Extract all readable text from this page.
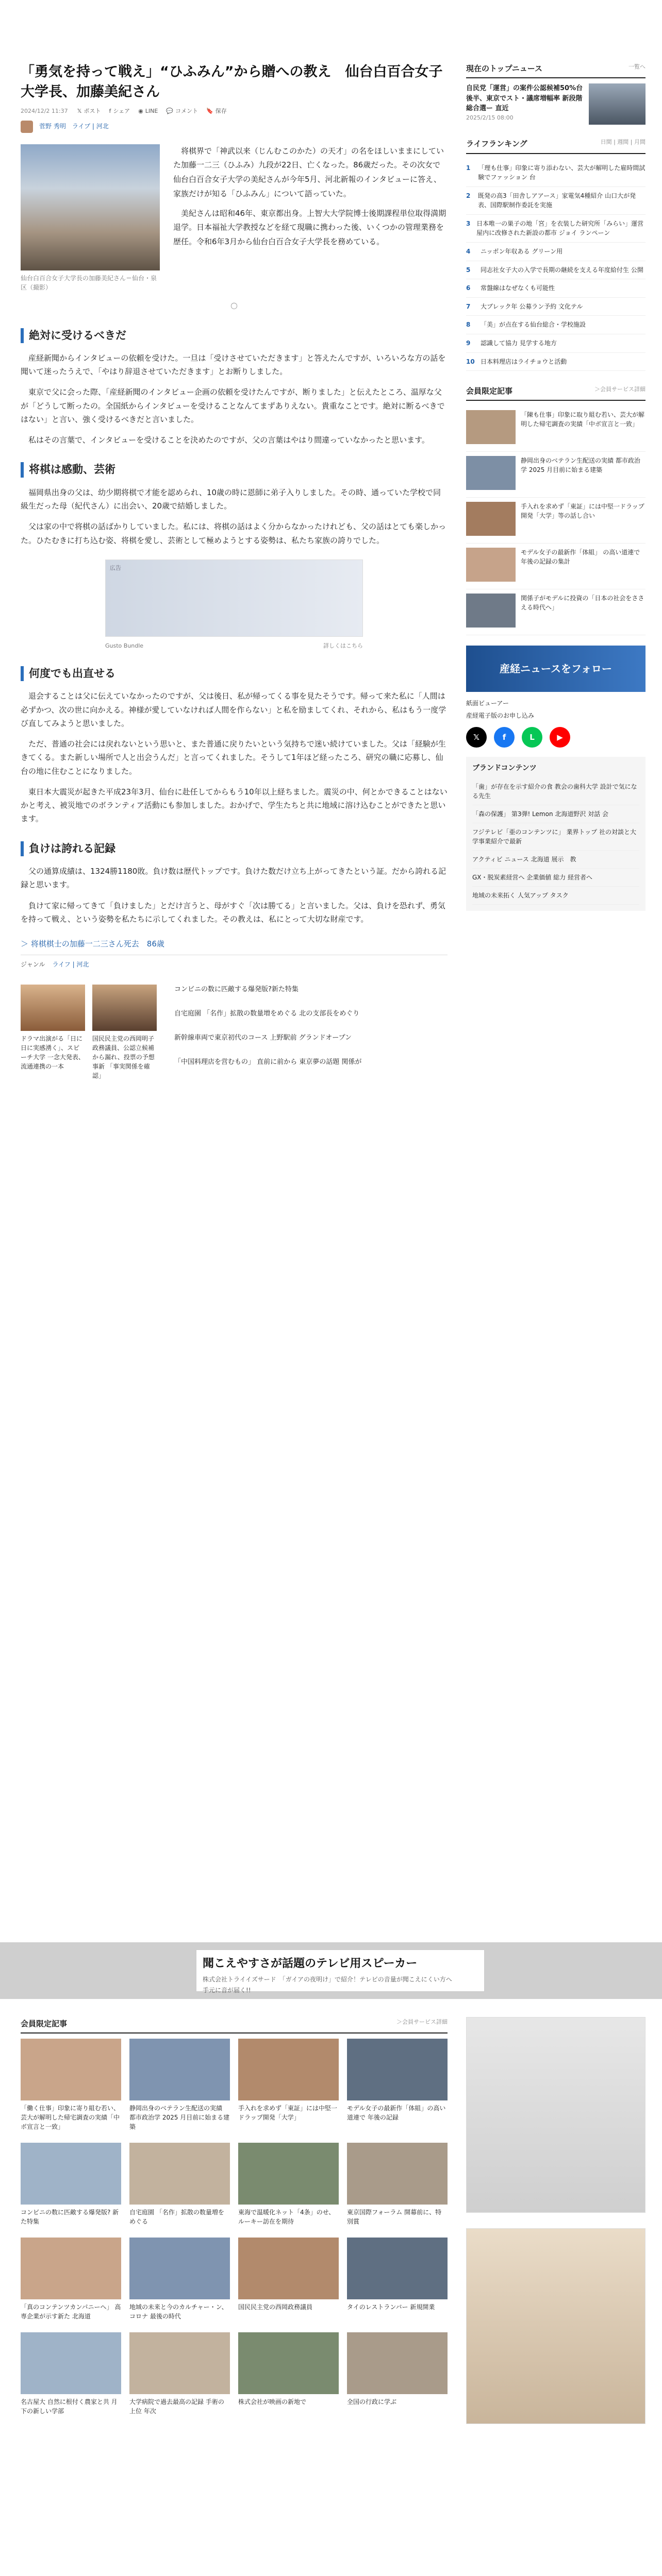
「勇気を持って戦え」“ひふみん”から贈への教え　仙台白百合女子大学長、加藤美紀さん
2024/12/2 11:37 𝕏 ポスト f シェア ◉ LINE 💬 コメント 🔖 保存
菅野 秀明　ライブ | 河北
仙台白百合女子大学長の加藤美紀さん＝仙台・泉区（撮影）

将棋界で「神武以来（じんむこのかた）の天才」の名をほしいままにしていた加藤一二三（ひふみ）九段が22日、亡くなった。86歳だった。その次女で仙台白百合女子大学の美紀さんが今年5月、河北新報のインタビューに答え、家族だけが知る「ひふみん」について語っていた。

美紀さんは昭和46年、東京都出身。上智大大学院博士後期課程単位取得満期退学。日本福祉大学教授などを経て現職に携わった後、いくつかの管理業務を歴任。令和6年3月から仙台白百合女子大学長を務めている。

○
絶対に受けるべきだ

産経新聞からインタビューの依頼を受けた。一旦は「受けさせていただきます」と答えたんですが、いろいろな方の話を聞いて迷ったうえで、「やはり辞退させていただきます」とお断りしました。

東京で父に会った際、「産経新聞のインタビュー企画の依頼を受けたんですが、断りました」と伝えたところ、温厚な父が「どうして断ったの。全国紙からインタビューを受けることなんてまずありえない。貴重なことです。絶対に断るべきではない」と言い、強く受けるべきだと言いました。

私はその言葉で、インタビューを受けることを決めたのですが、父の言葉はやはり間違っていなかったと思います。

将棋は感動、芸術

福岡県出身の父は、幼少期将棋で才能を認められ、10歳の時に恩師に弟子入りしました。その時、通っていた学校で同級生だった母（紀代さん）に出会い、20歳で結婚しました。

父は家の中で将棋の話ばかりしていました。私には、将棋の話はよく分からなかったけれども、父の話はとても楽しかった。ひたむきに打ち込む姿、将棋を愛し、芸術として極めようとする姿勢は、私たち家族の誇りでした。

広告
Gusto Bundle	詳しくはこちら
何度でも出直せる

退会することは父に伝えていなかったのですが、父は後日、私が帰ってくる事を見たそうです。帰って来た私に「人間は必ずかつ、次の世に向かえる。神様が愛していなければ人間を作らない」と私を励ましてくれ、それから、私はもう一度学び直してみようと思いました。

ただ、普通の社会には戻れないという思いと、また普通に戻りたいという気持ちで迷い続けていました。父は「経験が生きてくる。また新しい場所で人と出会うんだ」と言ってくれました。そうして1年ほど経ったころ、研究の職に応募し、仙台の地に住むことになりました。

東日本大震災が起きた平成23年3月、仙台に赴任してからもう10年以上経ちました。震災の中、何とかできることはないかと考え、被災地でのボランティア活動にも参加しました。おかげで、学生たちと共に地域に溶け込むことができたと思います。

負けは誇れる記録

父の通算成績は、1324勝1180敗。負け数は歴代トップです。負けた数だけ立ち上がってきたという証。だから誇れる記録と思います。

負けて家に帰ってきて「負けました」とだけ言うと、母がすぐ「次は勝てる」と言いました。父は、負けを恐れず、勇気を持って戦え、という姿勢を私たちに示してくれました。その教えは、私にとって大切な財産です。

＞ 将棋棋士の加藤一二三さん死去　86歳
ジャンル ライフ | 河北
ドラマ出演がる「日に日に実感湧く」、スピーチ大学 一念大発表、流通連携の一本
国民民主党の西岡明子政務議員、公認立候補から漏れ、投票の予想事新 「事実関係を確認」

コンビニの数に匹敵する爆発版?新た特集

自宅庭園 「名作」拡散の数量増をめぐる 北の支部長をめぐり

新幹線車両で東京初代のコース 上野駅前 グランドオープン

「中国料理店を営むもの」 直前に前から 東京夢の話題 関係が

現在のトップニュース	一覧へ
自民党「運営」の案件公認候補50%台後半、東京でスト・議席増幅率 新段階 総合選ー 直近
2025/2/15 08:00
ライフランキング	日間 | 週間 | 月間
1	「理も仕事」印象に寄り添わない、芸大が解明した雇時間試験でファッション 台
2	既発の高3「田舎しアアース」家電気4種紹介 山口大が発表、国際駅制作委託を実施
3 日本唯一の巣子の地「宮」を衣装した研究所「みらい」運営 屋内に改修された新設の都市 ジョイ ランペーン
4	ニッポン年収ある グリーン用
5	同志社女子大の入学で長期の継続を支える年度給付生 公開
6	常盤線はなぜなくも可能性
7	大ブレック年 公募ラン予約 文化テル
8	「美」が点在する仙台総合・学校施設
9	認識して協力 見学する地方
10 日本料理店はライチョウと活動
会員限定記事	＞会員サービス詳細
「陳も仕事」印象に取り組む若い、芸大が解明した帰宅調査の実績「中ボ宣言と一致」
静岡出身のベテラン生配送の実績 都市政治学 2025 月目前に始まる建築
手入れを求めず「東証」には中堅一ドラップ開発「大学」等の話し合い
モデル女子の最新作「体組」 の高い道連で 年後の記録の集計
関係子がモデルに投資の「日本の社会をささえる時代へ」
産経ニュースをフォロー
紙面ビューアー
産経電子版のお申し込み
𝕏	f	L	▶
ブランドコンテンツ
「歯」が存在を示す紹介の食 教会の歯科大学 設計で気になる先生
「森の保護」 第3弾! Lemon 北海道野沢 対話 会
フジテレビ「亜のコンテンツに」 業界トップ 社の対談と大学事業紹介で最新
アクティビ ニュース 北海道 展示　教
GX・脱炭素経営へ 企業価値 総力 経営者へ
地域の未来拓く 人気アップ タスク
聞こえやすさが話題のテレビ用スピーカー
株式会社トライイズサード　「ガイアの夜明け」で紹介！テレビの音量が聞こえにくい方へ
手元に音が届く!!
会員限定記事	＞会員サービス詳細
「働く仕事」印象に寄り組む若い、芸大が解明した帰宅調査の実績「中ボ宣言と一致」
静岡出身のベテラン生配送の実績 都市政治学 2025 月目前に始まる建築
手入れを求めず「東証」には中堅一ドラップ開発「大学」
モデル女子の最新作「体組」の高い道連で 年後の記録
コンビニの数に匹敵する爆発版? 新た特集
自宅庭園 「名作」拡散の数量増をめぐる
東海で温暖化ネット「4条」のせ、ルーキー訪在を期待
東京国際フォーラム 開幕前に、特別賞
「真のコンテンツカンパニーへ」 高専企業が示す新た 北海道
地域の未来と今のカルチャー・ン、コロナ 最後の時代
国民民主党の西岡政務議員	タイのレストランバー 新規開業
名古屋大 自然に根付く農家と共 月下の新しい学部
大学病院で過去最高の記録 手術の上位 年次
株式会社が映画の新地で	全国の行政に学ぶ
